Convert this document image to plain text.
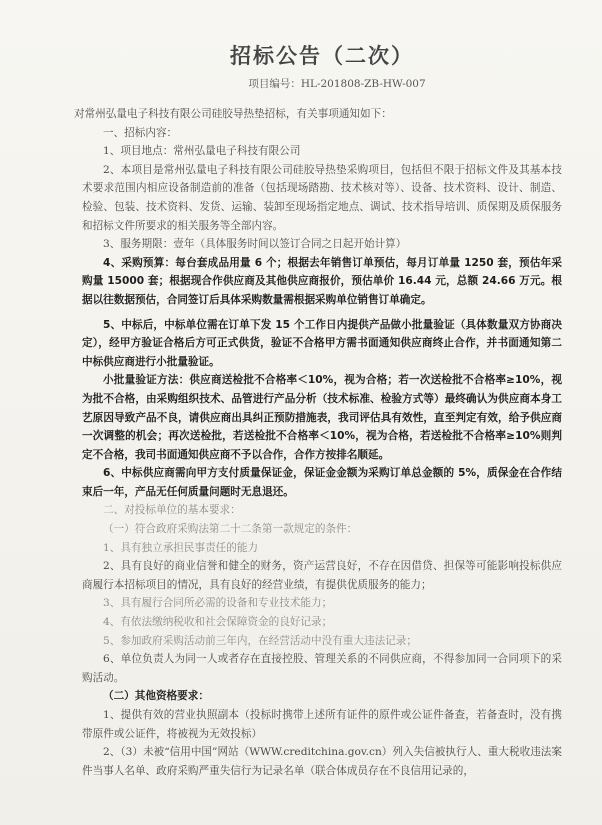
招标公告（二次）
项目编号：HL-201808-ZB-HW-007

对常州弘量电子科技有限公司硅胶导热垫招标，有关事项通知如下：

一、招标内容：

1、项目地点：常州弘量电子科技有限公司

2、本项目是常州弘量电子科技有限公司硅胶导热垫采购项目，包括但不限于招标文件及其基本技术要求范围内相应设备制造前的准备（包括现场踏勘、技术核对等）、设备、技术资料、设计、制造、检验、包装、技术资料、发货、运输、装卸至现场指定地点、调试、技术指导培训、质保期及质保服务和招标文件所要求的相关服务等全部内容。

3、服务期限：壹年（具体服务时间以签订合同之日起开始计算）

4、采购预算：每台套成品用量 6 个；根据去年销售订单预估，每月订单量 1250 套，预估年采购量 15000 套；根据现合作供应商及其他供应商报价，预估单价 16.44 元，总额 24.66 万元。根据以往数据预估，合同签订后具体采购数量需根据采购单位销售订单确定。

5、中标后，中标单位需在订单下发 15 个工作日内提供产品做小批量验证（具体数量双方协商决定），经甲方验证合格后方可正式供货，验证不合格甲方需书面通知供应商终止合作，并书面通知第二中标供应商进行小批量验证。

小批量验证方法：供应商送检批不合格率＜10%，视为合格；若一次送检批不合格率≥10%，视为批不合格，由采购组织技术、品管进行产品分析（技术标准、检验方式等）最终确认为供应商本身工艺原因导致产品不良，请供应商出具纠正预防措施表，我司评估具有效性，直至判定有效，给予供应商一次调整的机会；再次送检批，若送检批不合格率＜10%，视为合格，若送检批不合格率≥10%则判定不合格，我司书面通知供应商不予以合作，合作方按排名顺延。

6、中标供应商需向甲方支付质量保证金，保证金金额为采购订单总金额的 5%，质保金在合作结束后一年，产品无任何质量问题时无息退还。

二、对投标单位的基本要求：

（一）符合政府采购法第二十二条第一款规定的条件：

1、具有独立承担民事责任的能力

2、具有良好的商业信誉和健全的财务，资产运营良好，不存在因借贷、担保等可能影响投标供应商履行本招标项目的情况，具有良好的经营业绩，有提供优质服务的能力；

3、具有履行合同所必需的设备和专业技术能力；

4、有依法缴纳税收和社会保障资金的良好记录；

5、参加政府采购活动前三年内，在经营活动中没有重大违法记录；

6、单位负责人为同一人或者存在直接控股、管理关系的不同供应商，不得参加同一合同项下的采购活动。

（二）其他资格要求：

1、提供有效的营业执照副本（投标时携带上述所有证件的原件或公证件备查，若备查时，没有携带原件或公证件，将被视为无效投标）

2、（3）未被“信用中国”网站（WWW.creditchina.gov.cn）列入失信被执行人、重大税收违法案件当事人名单、政府采购严重失信行为记录名单（联合体成员存在不良信用记录的，
